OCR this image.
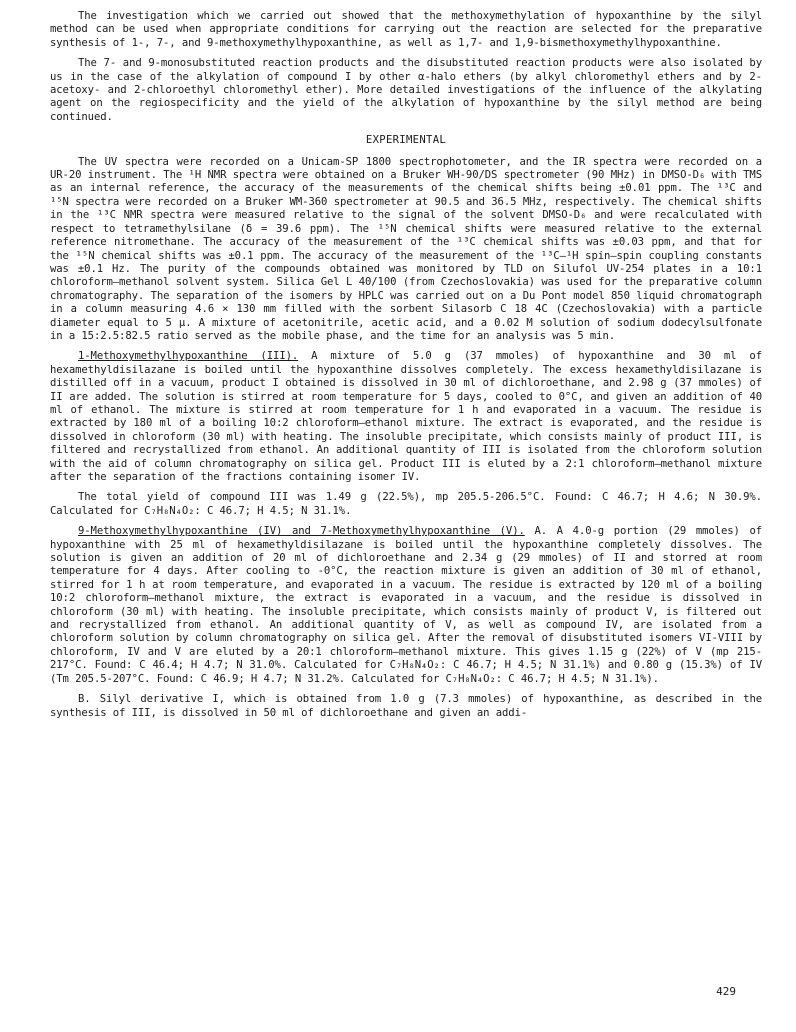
The investigation which we carried out showed that the methoxymethylation of hypoxanthine by the silyl method can be used when appropriate conditions for carrying out the reaction are selected for the preparative synthesis of 1-, 7-, and 9-methoxymethylhypoxanthine, as well as 1,7- and 1,9-bismethoxymethylhypoxanthine.

The 7- and 9-monosubstituted reaction products and the disubstituted reaction products were also isolated by us in the case of the alkylation of compound I by other α-halo ethers (by alkyl chloromethyl ethers and by 2-acetoxy- and 2-chloroethyl chloromethyl ether). More detailed investigations of the influence of the alkylating agent on the regiospecificity and the yield of the alkylation of hypoxanthine by the silyl method are being continued.

EXPERIMENTAL

The UV spectra were recorded on a Unicam-SP 1800 spectrophotometer, and the IR spectra were recorded on a UR-20 instrument. The ¹H NMR spectra were obtained on a Bruker WH-90/DS spectrometer (90 MHz) in DMSO-D₆ with TMS as an internal reference, the accuracy of the measurements of the chemical shifts being ±0.01 ppm. The ¹³C and ¹⁵N spectra were recorded on a Bruker WM-360 spectrometer at 90.5 and 36.5 MHz, respectively. The chemical shifts in the ¹³C NMR spectra were measured relative to the signal of the solvent DMSO-D₆ and were recalculated with respect to tetramethylsilane (δ = 39.6 ppm). The ¹⁵N chemical shifts were measured relative to the external reference nitromethane. The accuracy of the measurement of the ¹³C chemical shifts was ±0.03 ppm, and that for the ¹⁵N chemical shifts was ±0.1 ppm. The accuracy of the measurement of the ¹³C–¹H spin–spin coupling constants was ±0.1 Hz. The purity of the compounds obtained was monitored by TLD on Silufol UV-254 plates in a 10:1 chloroform–methanol solvent system. Silica Gel L 40/100 (from Czechoslovakia) was used for the preparative column chromatography. The separation of the isomers by HPLC was carried out on a Du Pont model 850 liquid chromatograph in a column measuring 4.6 × 130 mm filled with the sorbent Silasorb C 18 4C (Czechoslovakia) with a particle diameter equal to 5 μ. A mixture of acetonitrile, acetic acid, and a 0.02 M solution of sodium dodecylsulfonate in a 15:2.5:82.5 ratio served as the mobile phase, and the time for an analysis was 5 min.

1-Methoxymethylhypoxanthine (III). A mixture of 5.0 g (37 mmoles) of hypoxanthine and 30 ml of hexamethyldisilazane is boiled until the hypoxanthine dissolves completely. The excess hexamethyldisilazane is distilled off in a vacuum, product I obtained is dissolved in 30 ml of dichloroethane, and 2.98 g (37 mmoles) of II are added. The solution is stirred at room temperature for 5 days, cooled to 0°C, and given an addition of 40 ml of ethanol. The mixture is stirred at room temperature for 1 h and evaporated in a vacuum. The residue is extracted by 180 ml of a boiling 10:2 chloroform–ethanol mixture. The extract is evaporated, and the residue is dissolved in chloroform (30 ml) with heating. The insoluble precipitate, which consists mainly of product III, is filtered and recrystallized from ethanol. An additional quantity of III is isolated from the chloroform solution with the aid of column chromatography on silica gel. Product III is eluted by a 2:1 chloroform–methanol mixture after the separation of the fractions containing isomer IV.

The total yield of compound III was 1.49 g (22.5%), mp 205.5-206.5°C. Found: C 46.7; H 4.6; N 30.9%. Calculated for C₇H₈N₄O₂: C 46.7; H 4.5; N 31.1%.

9-Methoxymethylhypoxanthine (IV) and 7-Methoxymethylhypoxanthine (V). A. A 4.0-g portion (29 mmoles) of hypoxanthine with 25 ml of hexamethyldisilazane is boiled until the hypoxanthine completely dissolves. The solution is given an addition of 20 ml of dichloroethane and 2.34 g (29 mmoles) of II and storred at room temperature for 4 days. After cooling to -0°C, the reaction mixture is given an addition of 30 ml of ethanol, stirred for 1 h at room temperature, and evaporated in a vacuum. The residue is extracted by 120 ml of a boiling 10:2 chloroform–methanol mixture, the extract is evaporated in a vacuum, and the residue is dissolved in chloroform (30 ml) with heating. The insoluble precipitate, which consists mainly of product V, is filtered out and recrystallized from ethanol. An additional quantity of V, as well as compound IV, are isolated from a chloroform solution by column chromatography on silica gel. After the removal of disubstituted isomers VI-VIII by chloroform, IV and V are eluted by a 20:1 chloroform–methanol mixture. This gives 1.15 g (22%) of V (mp 215-217°C. Found: C 46.4; H 4.7; N 31.0%. Calculated for C₇H₈N₄O₂: C 46.7; H 4.5; N 31.1%) and 0.80 g (15.3%) of IV (Tm 205.5-207°C. Found: C 46.9; H 4.7; N 31.2%. Calculated for C₇H₈N₄O₂: C 46.7; H 4.5; N 31.1%).

B. Silyl derivative I, which is obtained from 1.0 g (7.3 mmoles) of hypoxanthine, as described in the synthesis of III, is dissolved in 50 ml of dichloroethane and given an addi-

429
